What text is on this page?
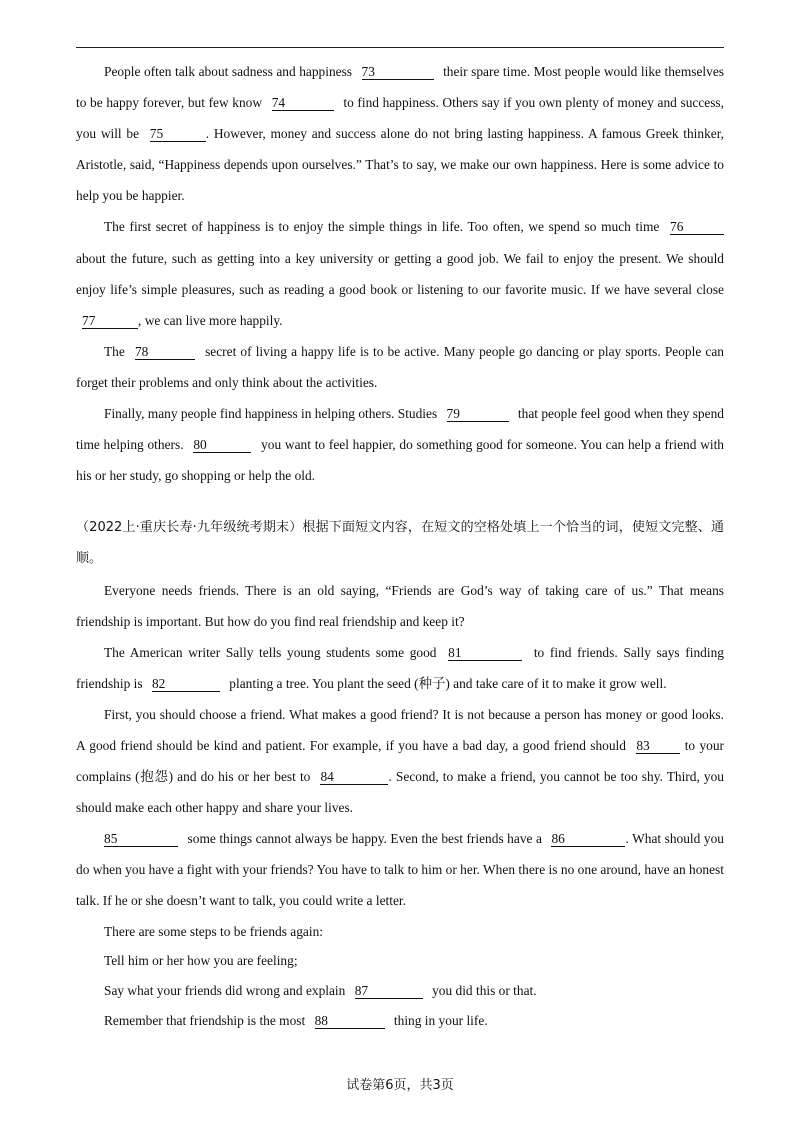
People often talk about sadness and happiness 73	their spare time. Most people would like themselves to be happy forever, but few know 74	to find happiness. Others say if you own plenty of money and success, you will be 75	. However, money and success alone do not bring lasting happiness. A famous Greek thinker, Aristotle, said, “Happiness depends upon ourselves.” That’s to say, we make our own happiness. Here is some advice to help you be happier.

The first secret of happiness is to enjoy the simple things in life. Too often, we spend so much time 76 about the future, such as getting into a key university or getting a good job. We fail to enjoy the present. We should enjoy life’s simple pleasures, such as reading a good book or listening to our favorite music. If we have several close 77	, we can live more happily.

The 78	secret of living a happy life is to be active. Many people go dancing or play sports. People can forget their problems and only think about the activities.

Finally, many people find happiness in helping others. Studies 79	that people feel good when they spend time helping others. 80	you want to feel happier, do something good for someone. You can help a friend with his or her study, go shopping or help the old.

（2022上·重庆长寿·九年级统考期末）根据下面短文内容，在短文的空格处填上一个恰当的词，使短文完整、通顺。

Everyone needs friends. There is an old saying, “Friends are God’s way of taking care of us.” That means friendship is important. But how do you find real friendship and keep it?

The American writer Sally tells young students some good 81	to find friends. Sally says finding friendship is 82	planting a tree. You plant the seed (种子) and take care of it to make it grow well.

First, you should choose a friend. What makes a good friend? It is not because a person has money or good looks. A good friend should be kind and patient. For example, if you have a bad day, a good friend should 83	to your complains (抱怨) and do his or her best to 84	. Second, to make a friend, you cannot be too shy. Third, you should make each other happy and share your lives.

85	some things cannot always be happy. Even the best friends have a 86	. What should you do when you have a fight with your friends? You have to talk to him or her. When there is no one around, have an honest talk. If he or she doesn’t want to talk, you could write a letter.

There are some steps to be friends again:

Tell him or her how you are feeling;

Say what your friends did wrong and explain 87	you did this or that.

Remember that friendship is the most 88	thing in your life.

试卷第6页，共3页
